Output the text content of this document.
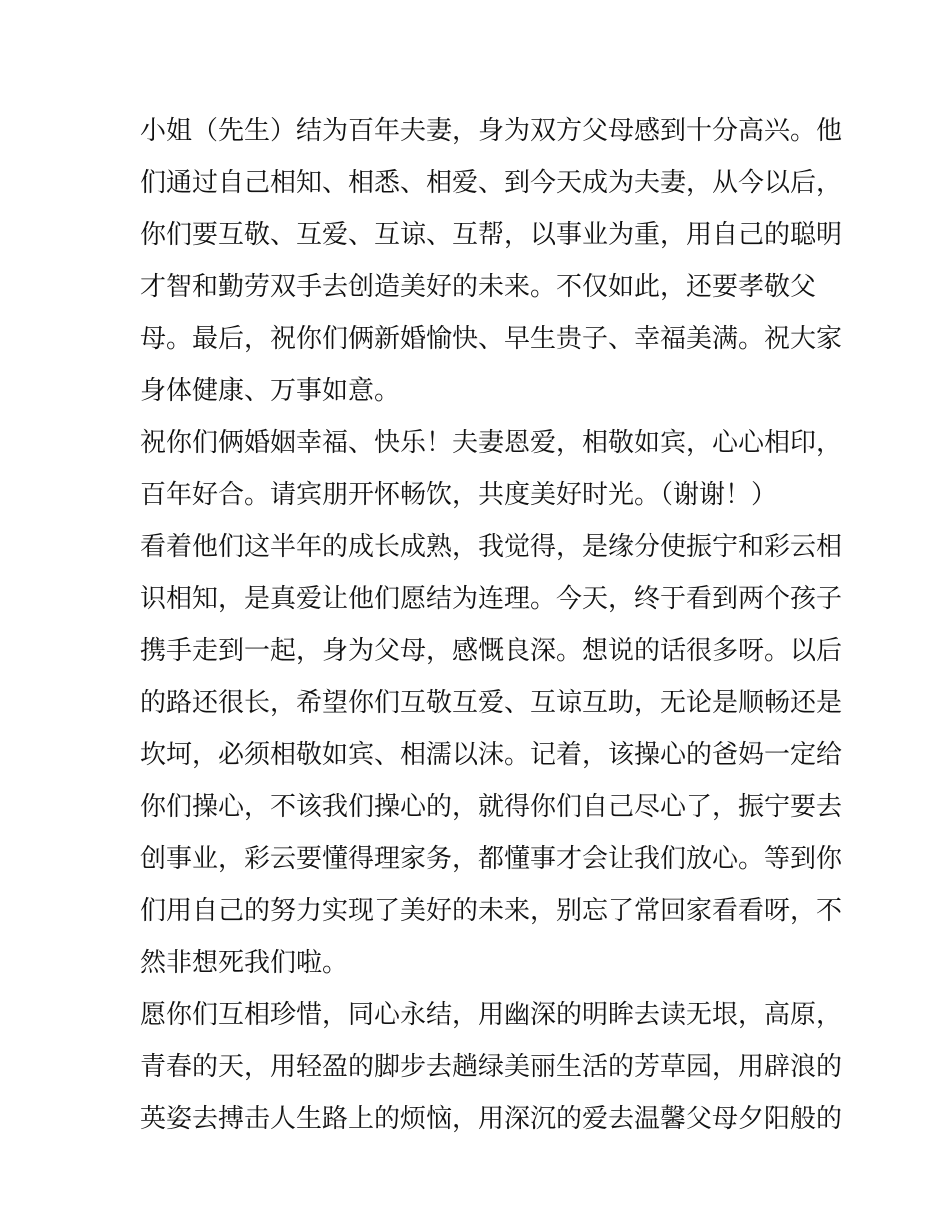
小姐（先生）结为百年夫妻，身为双方父母感到十分高兴。他
们通过自己相知、相悉、相爱、到今天成为夫妻，从今以后，
你们要互敬、互爱、互谅、互帮，以事业为重，用自己的聪明
才智和勤劳双手去创造美好的未来。不仅如此，还要孝敬父
母。最后，祝你们俩新婚愉快、早生贵子、幸福美满。祝大家
身体健康、万事如意。
祝你们俩婚姻幸福、快乐！夫妻恩爱，相敬如宾，心心相印，
百年好合。请宾朋开怀畅饮，共度美好时光。（谢谢！）
看着他们这半年的成长成熟，我觉得，是缘分使振宁和彩云相
识相知，是真爱让他们愿结为连理。今天，终于看到两个孩子
携手走到一起，身为父母，感慨良深。想说的话很多呀。以后
的路还很长，希望你们互敬互爱、互谅互助，无论是顺畅还是
坎坷，必须相敬如宾、相濡以沫。记着，该操心的爸妈一定给
你们操心，不该我们操心的，就得你们自己尽心了，振宁要去
创事业，彩云要懂得理家务，都懂事才会让我们放心。等到你
们用自己的努力实现了美好的未来，别忘了常回家看看呀，不
然非想死我们啦。
愿你们互相珍惜，同心永结，用幽深的明眸去读无垠，高原，
青春的天，用轻盈的脚步去趟绿美丽生活的芳草园，用辟浪的
英姿去搏击人生路上的烦恼，用深沉的爱去温馨父母夕阳般的
